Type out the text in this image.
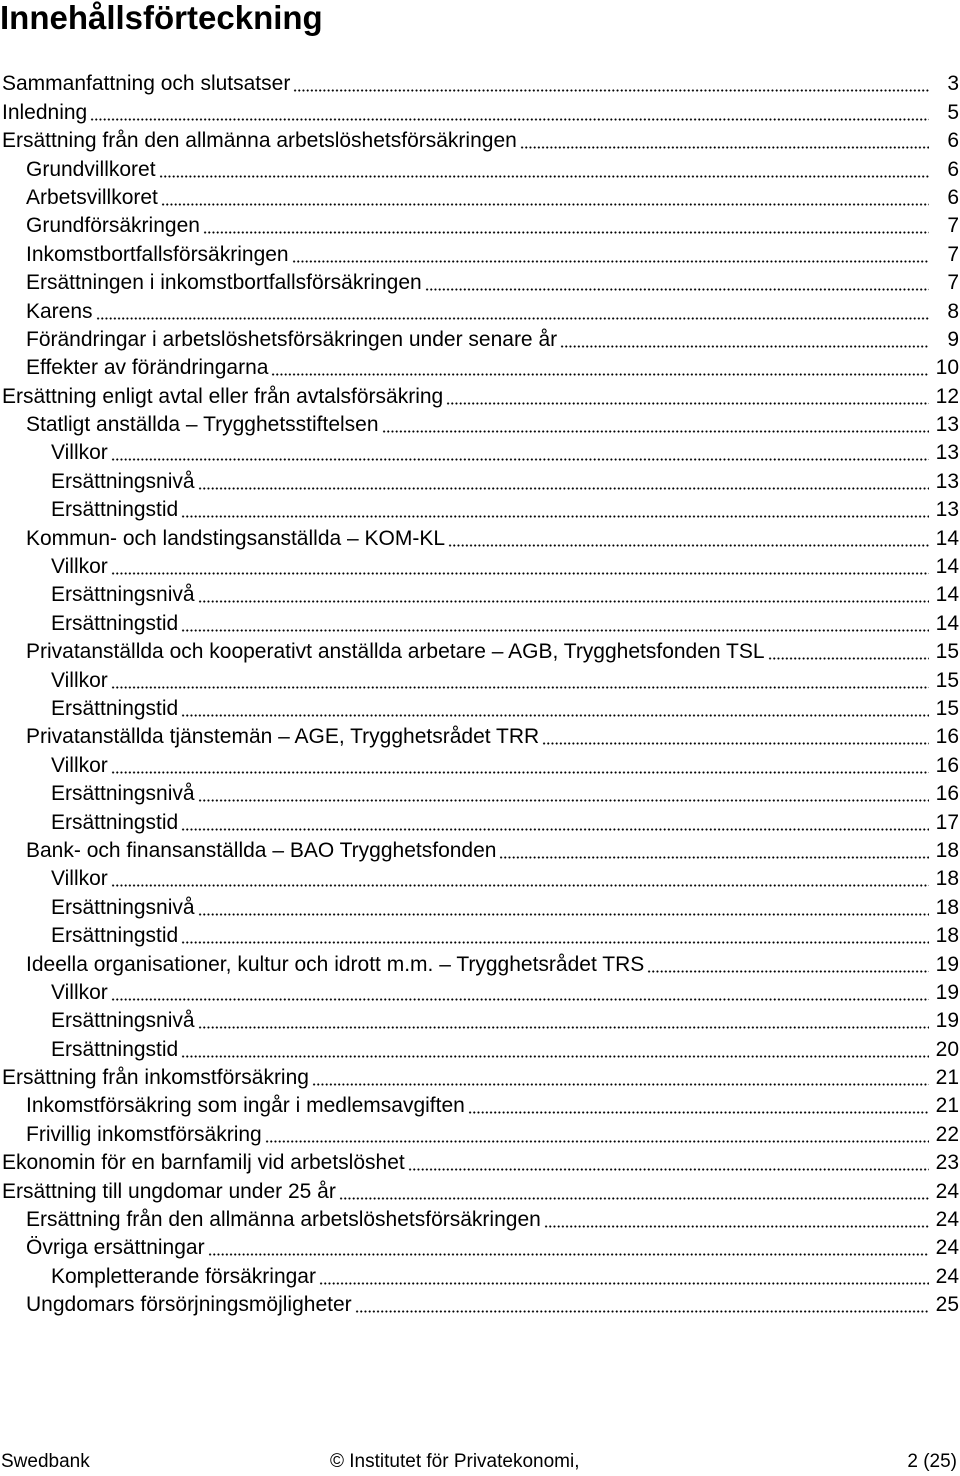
Innehållsförteckning
Sammanfattning och slutsatser	3
Inledning	5
Ersättning från den allmänna arbetslöshetsförsäkringen	6
Grundvillkoret	6
Arbetsvillkoret	6
Grundförsäkringen	7
Inkomstbortfallsförsäkringen	7
Ersättningen i inkomstbortfallsförsäkringen	7
Karens	8
Förändringar i arbetslöshetsförsäkringen under senare år	9
Effekter av förändringarna	10
Ersättning enligt avtal eller från avtalsförsäkring	12
Statligt anställda – Trygghetsstiftelsen	13
Villkor	13
Ersättningsnivå	13
Ersättningstid	13
Kommun- och landstingsanställda – KOM-KL	14
Villkor	14
Ersättningsnivå	14
Ersättningstid	14
Privatanställda och kooperativt anställda arbetare – AGB, Trygghetsfonden TSL	15
Villkor	15
Ersättningstid	15
Privatanställda tjänstemän – AGE, Trygghetsrådet TRR	16
Villkor	16
Ersättningsnivå	16
Ersättningstid	17
Bank- och finansanställda – BAO Trygghetsfonden	18
Villkor	18
Ersättningsnivå	18
Ersättningstid	18
Ideella organisationer, kultur och idrott m.m. – Trygghetsrådet TRS	19
Villkor	19
Ersättningsnivå	19
Ersättningstid	20
Ersättning från inkomstförsäkring	21
Inkomstförsäkring som ingår i medlemsavgiften	21
Frivillig inkomstförsäkring	22
Ekonomin för en barnfamilj vid arbetslöshet	23
Ersättning till ungdomar under 25 år	24
Ersättning från den allmänna arbetslöshetsförsäkringen	24
Övriga ersättningar	24
Kompletterande försäkringar	24
Ungdomars försörjningsmöjligheter	25
Swedbank	© Institutet för Privatekonomi,	2 (25)
